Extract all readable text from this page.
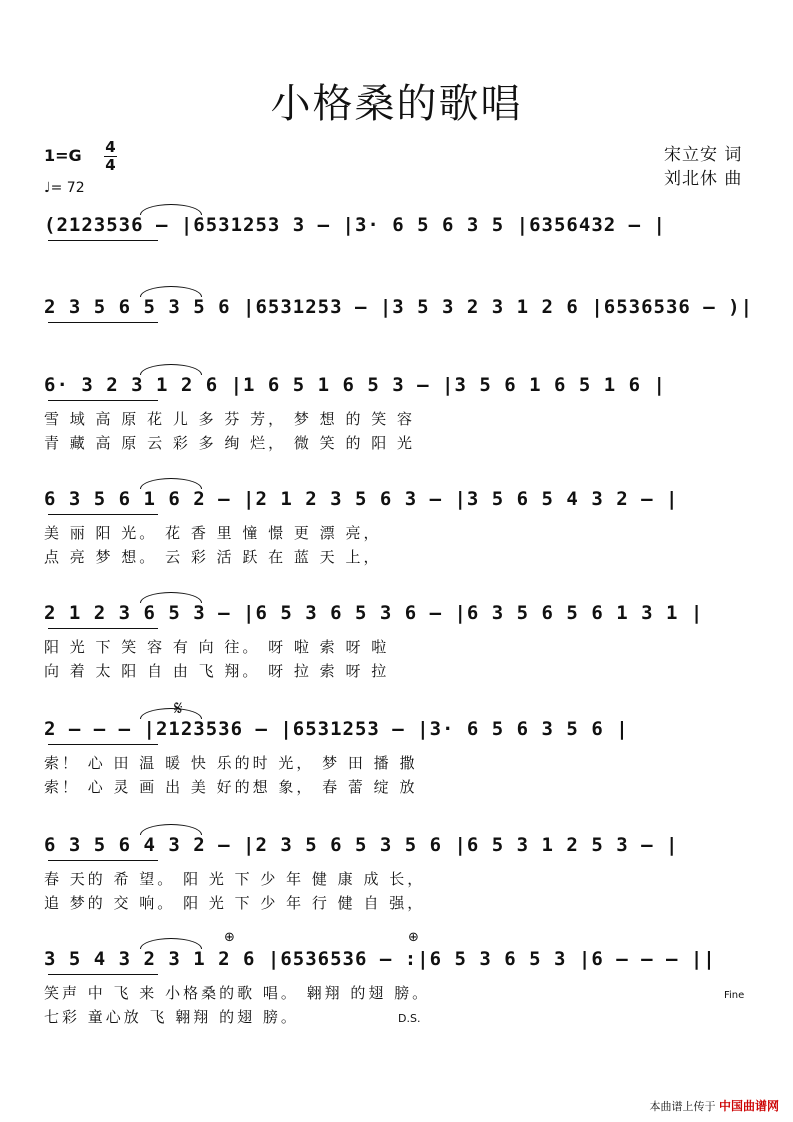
小格桑的歌唱
1=G 4
4
♩= 72
宋立安 词
刘北休 曲
(2123536 – |6531253 3 – |3· 6 5 6 3 5 |6356432 – |
2 3 5 6 5 3 5 6 |6531253 – |3 5 3 2 3 1 2 6 |6536536 – )|
6· 3 2 3 1 2 6 |1 6 5 1 6 5 3 – |3 5 6 1 6 5 1 6 |
雪 域 高 原 花 儿 多 芬 芳， 梦 想 的 笑 容
青 藏 高 原 云 彩 多 绚 烂， 微 笑 的 阳 光
6 3 5 6 1 6 2 – |2 1 2 3 5 6 3 – |3 5 6 5 4 3 2 – |
美 丽 阳 光。 花 香 里 憧 憬 更 漂 亮，
点 亮 梦 想。 云 彩 活 跃 在 蓝 天 上，
2 1 2 3 6 5 3 – |6 5 3 6 5 3 6 – |6 3 5 6 5 6 1 3 1 |
阳 光 下 笑 容 有 向 往。 呀 啦 索 呀 啦
向 着 太 阳 自 由 飞 翔。 呀 拉 索 呀 拉
2 – – – |2123536 – |6531253 – |3· 6 5 6 3 5 6 |
索！ 心 田 温 暖 快 乐的时 光， 梦 田 播 撒
索！ 心 灵 画 出 美 好的想 象， 春 蕾 绽 放
6 3 5 6 4 3 2 – |2 3 5 6 5 3 5 6 |6 5 3 1 2 5 3 – |
春 天的 希 望。 阳 光 下 少 年 健 康 成 长，
追 梦的 交 响。 阳 光 下 少 年 行 健 自 强，
3 5 4 3 2 3 1 2 6 |6536536 – :|6 5 3 6 5 3 |6 – – – ||
笑声 中 飞 来 小格桑的歌 唱。 翱翔 的翅 膀。
七彩 童心放 飞 翱翔 的翅 膀。
𝄋
⊕	⊕
D.S.
Fine
本曲谱上传于 中国曲谱网
